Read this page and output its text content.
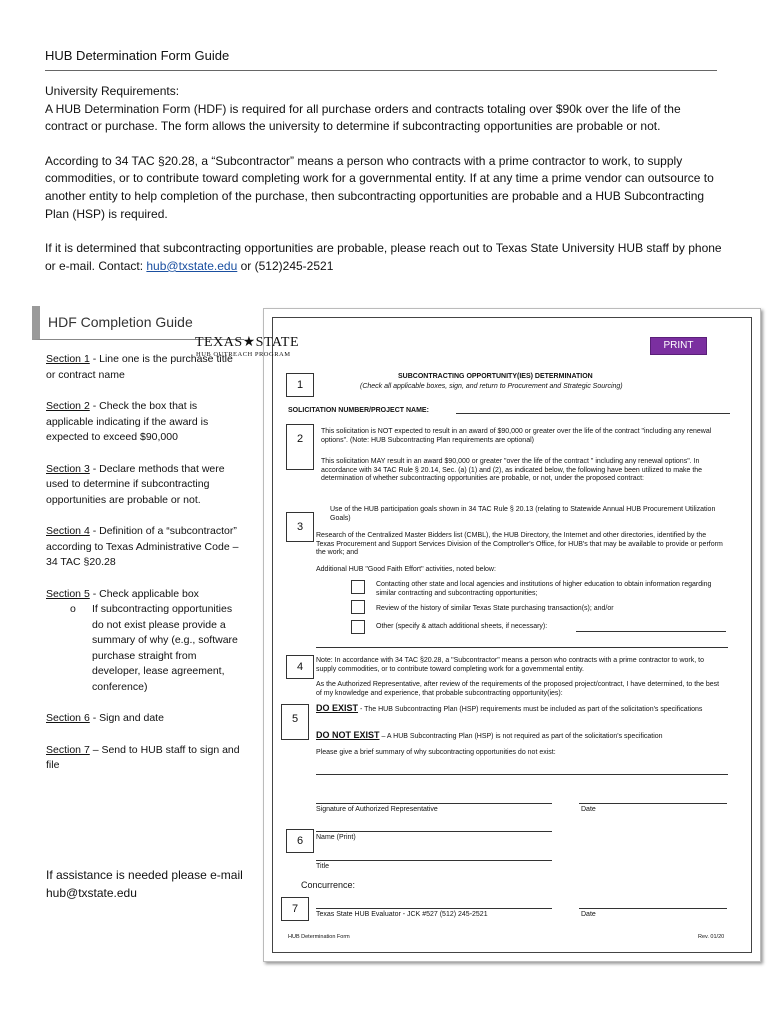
HUB Determination Form Guide

University Requirements:
A HUB Determination Form (HDF) is required for all purchase orders and contracts totaling over $90k over the life of the contract or purchase. The form allows the university to determine if subcontracting opportunities are probable or not.

According to 34 TAC §20.28, a “Subcontractor” means a person who contracts with a prime contractor to work, to supply commodities, or to contribute toward completing work for a governmental entity. If at any time a prime vendor can outsource to another entity to help completion of the purchase, then subcontracting opportunities are probable and a HUB Subcontracting Plan (HSP) is required.

If it is determined that subcontracting opportunities are probable, please reach out to Texas State University HUB staff by phone or e-mail. Contact: hub@txstate.edu or (512)245-2521

HDF Completion Guide
Section 1 - Line one is the purchase title or contract name
Section 2 - Check the box that is applicable indicating if the award is expected to exceed $90,000
Section 3 - Declare methods that were used to determine if subcontracting opportunities are probable or not.
Section 4 - Definition of a “subcontractor” according to Texas Administrative Code – 34 TAC §20.28
Section 5 - Check applicable box
o	If subcontracting opportunities do not exist please provide a summary of why (e.g., software purchase straight from developer, lease agreement, conference)
Section 6 - Sign and date
Section 7 – Send to HUB staff to sign and file
If assistance is needed please e-mail hub@txstate.edu
TEXAS★STATE
HUB OUTREACH PROGRAM
PRINT
SUBCONTRACTING OPPORTUNITY(IES) DETERMINATION
(Check all applicable boxes, sign, and return to Procurement and Strategic Sourcing)
1
SOLICITATION NUMBER/PROJECT NAME:
2
This solicitation is NOT expected to result in an award of $90,000 or greater over the life of the contract "including any renewal options". (Note: HUB Subcontracting Plan requirements are optional)
This solicitation MAY result in an award $90,000 or greater "over the life of the contract " including any renewal options". In accordance with 34 TAC Rule § 20.14, Sec. (a) (1) and (2), as indicated below, the following have been utilized to make the determination of whether subcontracting opportunities are probable, or not, under the proposed contract:
3
Use of the HUB participation goals shown in 34 TAC Rule § 20.13 (relating to Statewide Annual HUB Procurement Utilization Goals)
Research of the Centralized Master Bidders list (CMBL), the HUB Directory, the Internet and other directories, identified by the Texas Procurement and Support Services Division of the Comptroller's Office, for HUB's that may be available to provide or perform the work; and
Additional HUB "Good Faith Effort" activities, noted below:
Contacting other state and local agencies and institutions of higher education to obtain information regarding similar contracting and subcontracting opportunities;
Review of the history of similar Texas State purchasing transaction(s); and/or
Other (specify & attach additional sheets, if necessary):
4
Note: In accordance with 34 TAC §20.28, a "Subcontractor" means a person who contracts with a prime contractor to work, to supply commodities, or to contribute toward completing work for a governmental entity.
As the Authorized Representative, after review of the requirements of the proposed project/contract, I have determined, to the best of my knowledge and experience, that probable subcontracting opportunity(ies):
5
DO EXIST - The HUB Subcontracting Plan (HSP) requirements must be included as part of the solicitation's specifications
DO NOT EXIST – A HUB Subcontracting Plan (HSP) is not required as part of the solicitation's specification
Please give a brief summary of why subcontracting opportunities do not exist:
Signature of Authorized Representative	Date
6	Name (Print)
Title
Concurrence:
7	Texas State HUB Evaluator - JCK #527 (512) 245-2521	Date
HUB Determination Form	Rev. 01/20
